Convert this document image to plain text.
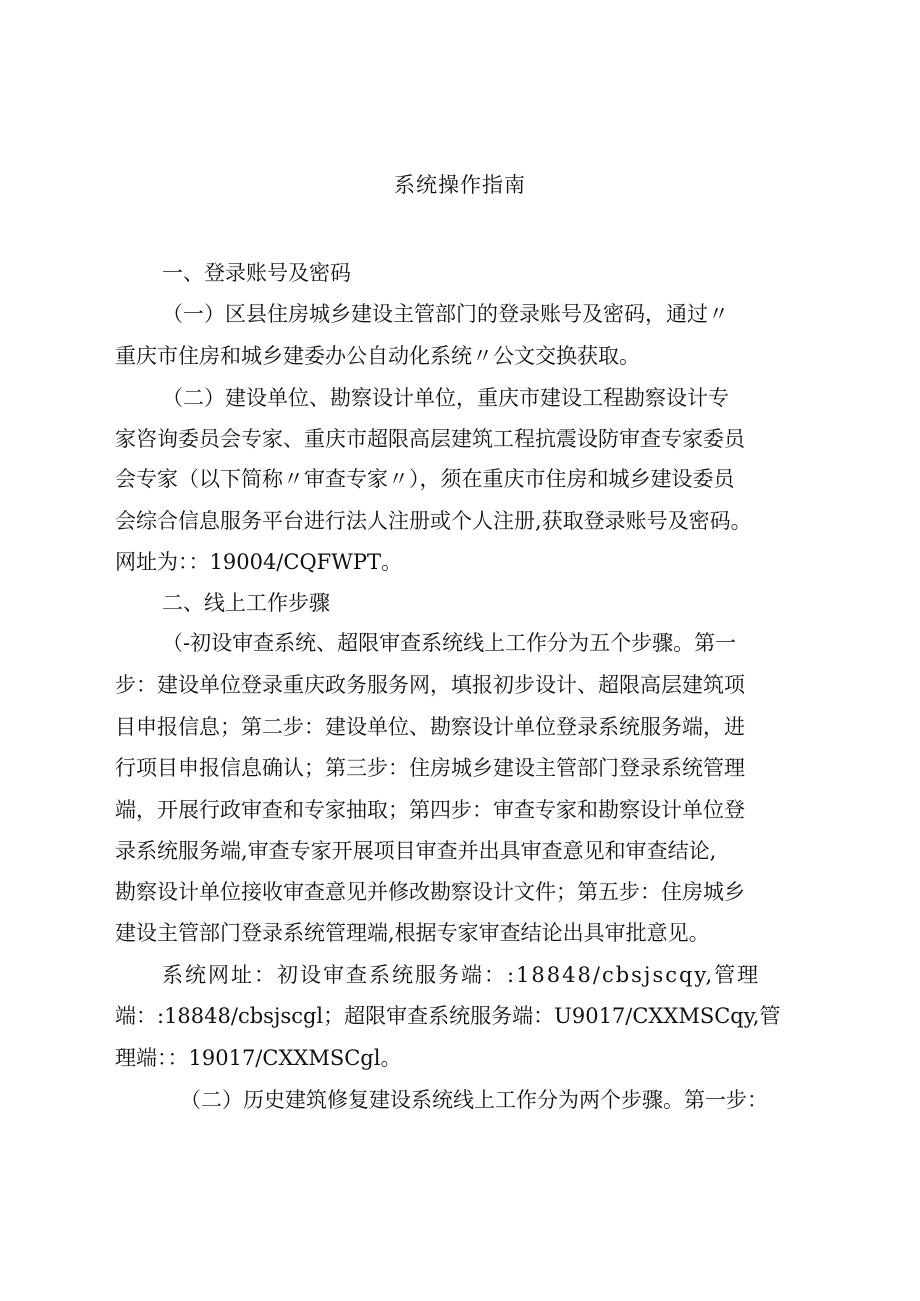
系统操作指南
一、登录账号及密码
（一）区县住房城乡建设主管部门的登录账号及密码，通过〃
重庆市住房和城乡建委办公自动化系统〃公文交换获取。
（二）建设单位、勘察设计单位，重庆市建设工程勘察设计专
家咨询委员会专家、重庆市超限高层建筑工程抗震设防审查专家委员
会专家（以下简称〃审查专家〃），须在重庆市住房和城乡建设委员
会综合信息服务平台进行法人注册或个人注册,获取登录账号及密码。
网址为：：19004/CQFWPT。
二、线上工作步骤
（-初设审查系统、超限审查系统线上工作分为五个步骤。第一
步：建设单位登录重庆政务服务网，填报初步设计、超限高层建筑项
目申报信息；第二步：建设单位、勘察设计单位登录系统服务端，进
行项目申报信息确认；第三步：住房城乡建设主管部门登录系统管理
端，开展行政审查和专家抽取；第四步：审查专家和勘察设计单位登
录系统服务端,审查专家开展项目审查并出具审查意见和审查结论,
勘察设计单位接收审查意见并修改勘察设计文件；第五步：住房城乡
建设主管部门登录系统管理端,根据专家审查结论出具审批意见。
系统网址：初设审查系统服务端：:18848/cbsjscqy,管理
端：:18848/cbsjscgl；超限审查系统服务端：U9017∕CXXMSCqy,管
理端：：19017/CXXMSCgl。
（二）历史建筑修复建设系统线上工作分为两个步骤。第一步：
